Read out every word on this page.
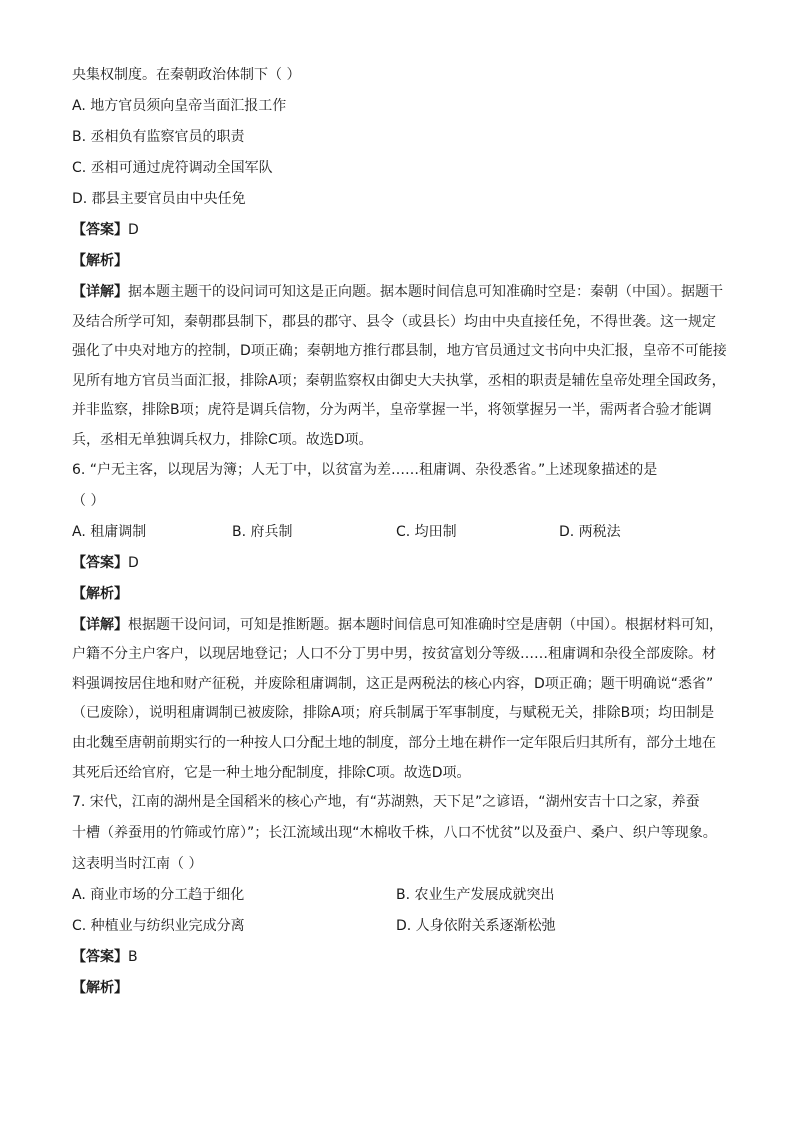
央集权制度。在秦朝政治体制下（ ）
A. 地方官员须向皇帝当面汇报工作
B. 丞相负有监察官员的职责
C. 丞相可通过虎符调动全国军队
D. 郡县主要官员由中央任免
【答案】D
【解析】
【详解】据本题主题干的设问词可知这是正向题。据本题时间信息可知准确时空是：秦朝（中国）。据题干
及结合所学可知，秦朝郡县制下，郡县的郡守、县令（或县长）均由中央直接任免，不得世袭。这一规定
强化了中央对地方的控制，D项正确；秦朝地方推行郡县制，地方官员通过文书向中央汇报，皇帝不可能接
见所有地方官员当面汇报，排除A项；秦朝监察权由御史大夫执掌，丞相的职责是辅佐皇帝处理全国政务，
并非监察，排除B项；虎符是调兵信物，分为两半，皇帝掌握一半，将领掌握另一半，需两者合验才能调
兵，丞相无单独调兵权力，排除C项。故选D项。
6. “户无主客，以现居为簿；人无丁中，以贫富为差……租庸调、杂役悉省。”上述现象描述的是
（ ）
A. 租庸调制	B. 府兵制	C. 均田制	D. 两税法
【答案】D
【解析】
【详解】根据题干设问词，可知是推断题。据本题时间信息可知准确时空是唐朝（中国）。根据材料可知，
户籍不分主户客户，以现居地登记；人口不分丁男中男，按贫富划分等级……租庸调和杂役全部废除。材
料强调按居住地和财产征税，并废除租庸调制，这正是两税法的核心内容，D项正确；题干明确说“悉省”
（已废除），说明租庸调制已被废除，排除A项；府兵制属于军事制度，与赋税无关，排除B项；均田制是
由北魏至唐朝前期实行的一种按人口分配土地的制度，部分土地在耕作一定年限后归其所有，部分土地在
其死后还给官府，它是一种土地分配制度，排除C项。故选D项。
7. 宋代，江南的湖州是全国稻米的核心产地，有“苏湖熟，天下足”之谚语，“湖州安吉十口之家，养蚕
十槽（养蚕用的竹筛或竹席）”；长江流域出现“木棉收千株，八口不忧贫”以及蚕户、桑户、织户等现象。
这表明当时江南（ ）
A. 商业市场的分工趋于细化	B. 农业生产发展成就突出
C. 种植业与纺织业完成分离	D. 人身依附关系逐渐松弛
【答案】B
【解析】
